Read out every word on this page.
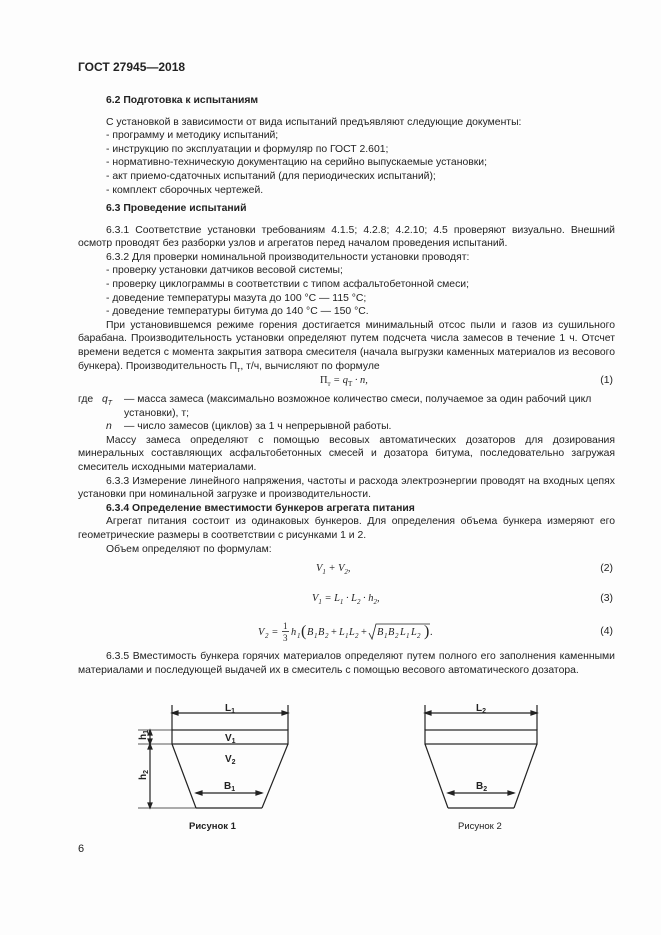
ГОСТ 27945—2018

6.2 Подготовка к испытаниям

С установкой в зависимости от вида испытаний предъявляют следующие документы:

- программу и методику испытаний;

- инструкцию по эксплуатации и формуляр по ГОСТ 2.601;

- нормативно-техническую документацию на серийно выпускаемые установки;

- акт приемо-сдаточных испытаний (для периодических испытаний);

- комплект сборочных чертежей.

6.3 Проведение испытаний

6.3.1 Соответствие установки требованиям 4.1.5; 4.2.8; 4.2.10; 4.5 проверяют визуально. Внешний осмотр проводят без разборки узлов и агрегатов перед началом проведения испытаний.

6.3.2 Для проверки номинальной производительности установки проводят:

- проверку установки датчиков весовой системы;

- проверку циклограммы в соответствии с типом асфальтобетонной смеси;

- доведение температуры мазута до 100 °С — 115 °С;

- доведение температуры битума до 140 °С — 150 °С.

При установившемся режиме горения достигается минимальный отсос пыли и газов из сушильного барабана. Производительность установки определяют путем подсчета числа замесов в течение 1 ч. Отсчет времени ведется с момента закрытия затвора смесителя (начала выгрузки каменных материалов из весового бункера). Производительность $П_т$, т/ч, вычисляют по формуле

$П_т = q_T \cdot n$,	(1)
где $q_T$	— масса замеса (максимально возможное количество смеси, получаемое за один рабочий цикл установки), т;
n	— число замесов (циклов) за 1 ч непрерывной работы.

Массу замеса определяют с помощью весовых автоматических дозаторов для дозирования минеральных составляющих асфальтобетонных смесей и дозатора битума, последовательно загружая смеситель исходными материалами.

6.3.3 Измерение линейного напряжения, частоты и расхода электроэнергии проводят на входных цепях установки при номинальной загрузке и производительности.

6.3.4 Определение вместимости бункеров агрегата питания

Агрегат питания состоит из одинаковых бункеров. Для определения объема бункера измеряют его геометрические размеры в соответствии с рисунками 1 и 2.

Объем определяют по формулам:

$V_1 + V_2$,	(2)
$V_1 = L_1 \cdot L_2 \cdot h_2$,	(3)
V 2 =
1
3 h 1 ( B 1 B 2 + L 1 L 2 + B 1 B 2 L 1 L 2 ) .	(4)

6.3.5 Вместимость бункера горячих материалов определяют путем полного его заполнения каменными материалами и последующей выдачей их в смеситель с помощью весового автоматического дозатора.

$L_1$
$V_1$
$V_2$
$B_1$
$h_1$
$h_2$
Рисунок 1
$L_2$
$B_2$
Рисунок 2
6
